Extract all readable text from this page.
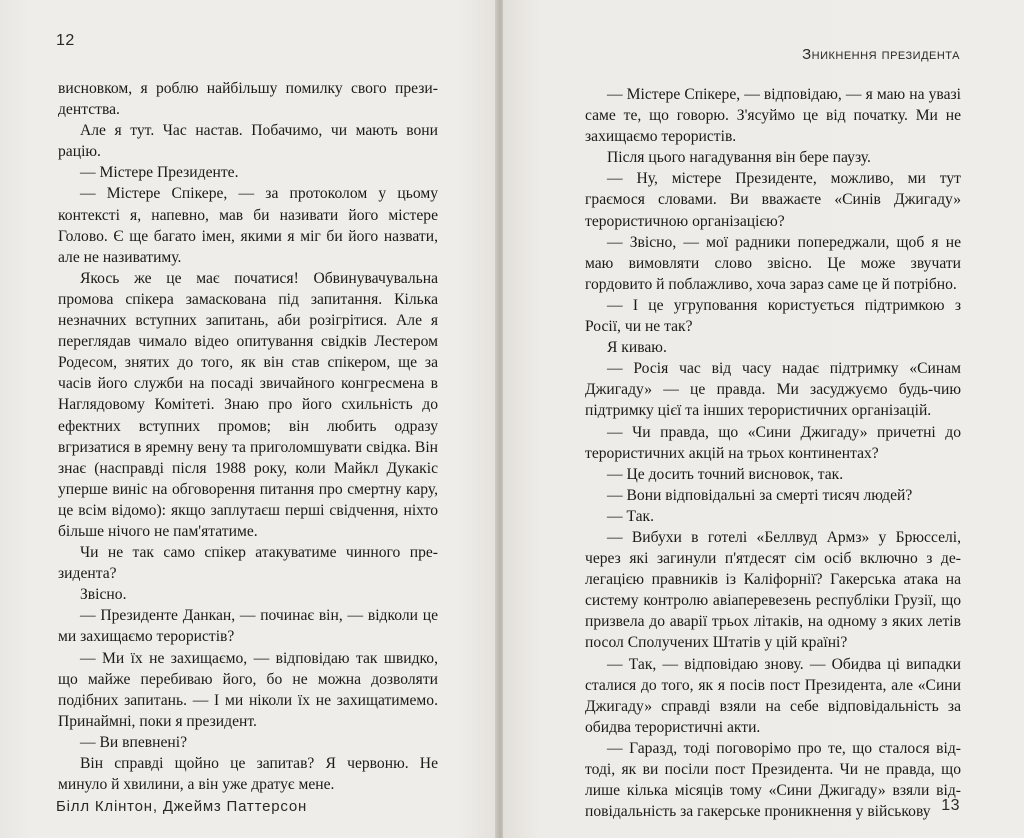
12

висновком, я роблю найбільшу помилку свого президентства.

Але я тут. Час настав. Побачимо, чи мають вони рацію.

— Містере Президенте.

— Містере Спікере, — за протоколом у цьому контексті я, напевно, мав би називати його містере Голово. Є ще багато імен, якими я міг би його назвати, але не називатиму.

Якось же це має початися! Обвинувачувальна промова спікера замаскована під запитання. Кілька незначних вступних запитань, аби розігрітися. Але я переглядав чимало відео опитування свідків Лестером Родесом, знятих до того, як він став спікером, ще за часів його служби на посаді звичайного конгресмена в Наглядовому Комітеті. Знаю про його схильність до ефектних вступних промов; він любить одразу вгризатися в яремну вену та приголомшувати свідка. Він знає (насправді після 1988 року, коли Майкл Дукакіс уперше виніс на обговорення питання про смертну кару, це всім відомо): якщо заплутаєш перші свідчення, ніхто більше нічого не пам'ятатиме.

Чи не так само спікер атакуватиме чинного президента?

Звісно.

— Президенте Данкан, — починає він, — відколи це ми захищаємо терористів?

— Ми їх не захищаємо, — відповідаю так швидко, що майже перебиваю його, бо не можна дозволяти подібних запитань. — І ми ніколи їх не захищатимемо. Принаймні, поки я президент.

— Ви впевнені?

Він справді щойно це запитав? Я червоню. Не минуло й хвилини, а він уже дратує мене.

Білл Клінтон, Джеймз Паттерсон
Зникнення президента

— Містере Спікере, — відповідаю, — я маю на увазі саме те, що говорю. З'ясуймо це від початку. Ми не захищаємо терористів.

Після цього нагадування він бере паузу.

— Ну, містере Президенте, можливо, ми тут граємося словами. Ви вважаєте «Синів Джигаду» терористичною організацією?

— Звісно, — мої радники попереджали, щоб я не маю вимовляти слово звісно. Це може звучати гордовито й поблажливо, хоча зараз саме це й потрібно.

— І це угруповання користується підтримкою з Росії, чи не так?

Я киваю.

— Росія час від часу надає підтримку «Синам Джигаду» — це правда. Ми засуджуємо будь-чию підтримку цієї та інших терористичних організацій.

— Чи правда, що «Сини Джигаду» причетні до терористичних акцій на трьох континентах?

— Це досить точний висновок, так.

— Вони відповідальні за смерті тисяч людей?

— Так.

— Вибухи в готелі «Беллвуд Армз» у Брюсселі, через які загинули п'ятдесят сім осіб включно з делегацією правників із Каліфорнії? Гакерська атака на систему контролю авіаперевезень республіки Грузії, що призвела до аварії трьох літаків, на одному з яких летів посол Сполучених Штатів у цій країні?

— Так, — відповідаю знову. — Обидва ці випадки сталися до того, як я посів пост Президента, але «Сини Джигаду» справді взяли на себе відповідальність за обидва терористичні акти.

— Гаразд, тоді поговорімо про те, що сталося відтоді, як ви посіли пост Президента. Чи не правда, що лише кілька місяців тому «Сини Джигаду» взяли відповідальність за гакерське проникнення у військову 13
